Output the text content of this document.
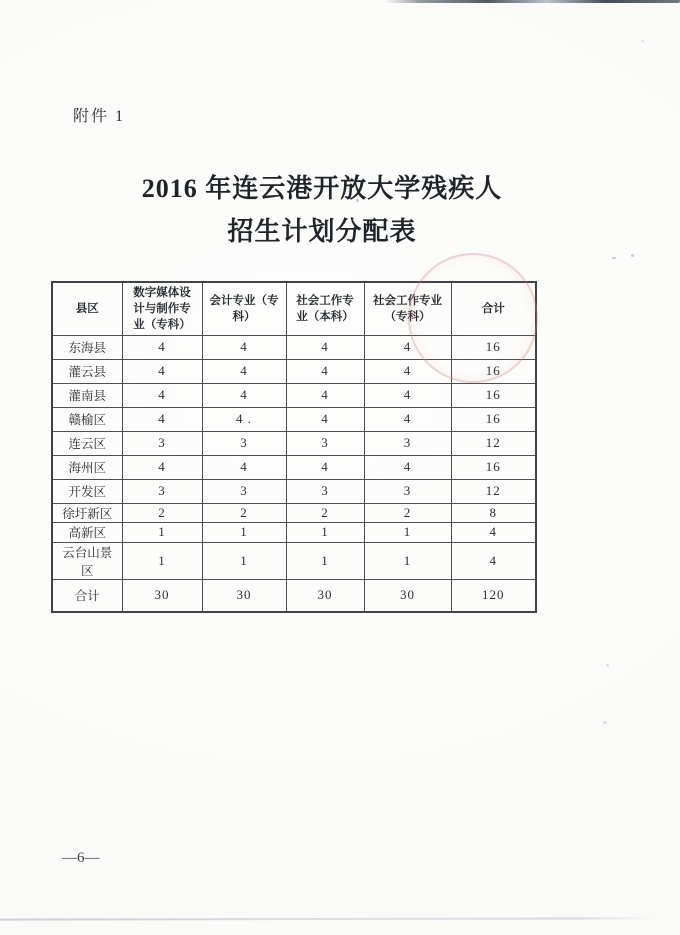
附件 1
2016 年连云港开放大学残疾人
招生计划分配表
县区	数字媒体设计与制作专业（专科）	会计专业（专科）	社会工作专业（本科）	社会工作专业（专科）	合计
东海县	4	4	4	4	16
灌云县	4	4	4	4	16
灌南县	4	4	4	4	16
赣榆区	4	4 .	4	4	16
连云区	3	3	3	3	12
海州区	4	4	4	4	16
开发区	3	3	3	3	12
徐圩新区	2	2	2	2	8
高新区	1	1	1	1	4
云台山景区	1	1	1	1	4
合计	30	30	30	30	120
—6—
